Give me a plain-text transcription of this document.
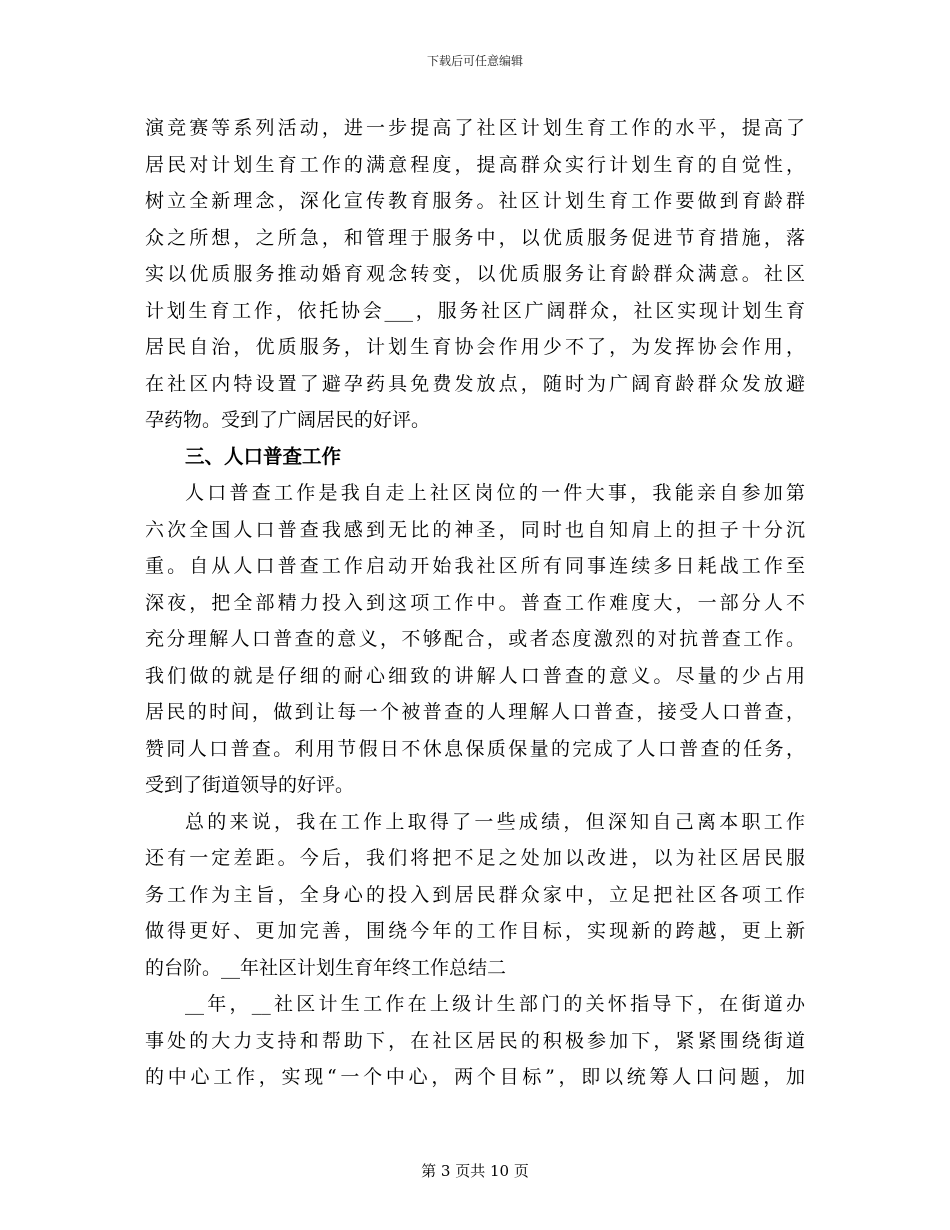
下载后可任意编辑
演竞赛等系列活动，进一步提高了社区计划生育工作的水平，提高了
居民对计划生育工作的满意程度，提高群众实行计划生育的自觉性，
树立全新理念，深化宣传教育服务。社区计划生育工作要做到育龄群
众之所想，之所急，和管理于服务中，以优质服务促进节育措施，落
实以优质服务推动婚育观念转变，以优质服务让育龄群众满意。社区
计划生育工作，依托协会___，服务社区广阔群众，社区实现计划生育
居民自治，优质服务，计划生育协会作用少不了，为发挥协会作用，
在社区内特设置了避孕药具免费发放点，随时为广阔育龄群众发放避
孕药物。受到了广阔居民的好评。
三、人口普查工作
人口普查工作是我自走上社区岗位的一件大事，我能亲自参加第
六次全国人口普查我感到无比的神圣，同时也自知肩上的担子十分沉
重。自从人口普查工作启动开始我社区所有同事连续多日耗战工作至
深夜，把全部精力投入到这项工作中。普查工作难度大，一部分人不
充分理解人口普查的意义，不够配合，或者态度激烈的对抗普查工作。
我们做的就是仔细的耐心细致的讲解人口普查的意义。尽量的少占用
居民的时间，做到让每一个被普查的人理解人口普查，接受人口普查，
赞同人口普查。利用节假日不休息保质保量的完成了人口普查的任务，
受到了街道领导的好评。
总的来说，我在工作上取得了一些成绩，但深知自己离本职工作
还有一定差距。今后，我们将把不足之处加以改进，以为社区居民服
务工作为主旨，全身心的投入到居民群众家中，立足把社区各项工作
做得更好、更加完善，围绕今年的工作目标，实现新的跨越，更上新
的台阶。__年社区计划生育年终工作总结二
__年，__社区计生工作在上级计生部门的关怀指导下，在街道办
事处的大力支持和帮助下，在社区居民的积极参加下，紧紧围绕街道
的中心工作，实现“一个中心，两个目标”，即以统筹人口问题，加
第 3 页共 10 页
